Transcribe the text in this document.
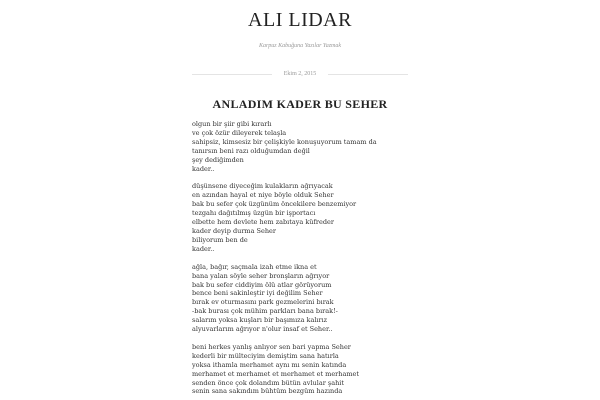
ALI LIDAR
Karpuz Kabuğuna Yazılar Yazmak
Ekim 2, 2015
ANLADIM KADER BU SEHER

olgun bir şiir gibi kırarlı
ve çok özür dileyerek telaşla
sahipsiz, kimsesiz bir çelişkiyle konuşuyorum tamam da
tanırsın beni razı olduğumdan değil
şey dediğimden
kader..

düşünsene diyeceğim kulakların ağrıyacak
en azından hayal et niye böyle olduk Seher
bak bu sefer çok üzgünüm öncekilere benzemiyor
tezgahı dağıtılmış üzgün bir işportacı
elbette hem devlete hem zabıtaya küfreder
kader deyip durma Seher
biliyorum ben de
kader..

ağla, bağır, saçmala izah etme ikna et
bana yalan söyle seher bronşların ağrıyor
bak bu sefer ciddiyim ölü atlar görüyorum
bence beni sakinleştir iyi değilim Seher
bırak ev oturmasını park gezmelerini bırak
-bak burası çok mühim parkları bana bırak!-
salarım yoksa kuşları bir başımıza kalırız
alyuvarlarım ağrıyor n'olur insaf et Seher..

beni herkes yanlış anlıyor sen bari yapma Seher
kederli bir mülteciyim demiştim sana hatırla
yoksa ithamla merhamet aynı mı senin katında
merhamet et merhamet et merhamet et merhamet
senden önce çok dolandım bütün avlular şahit
senin sana sakındım bühtüm bezgüm hazında
